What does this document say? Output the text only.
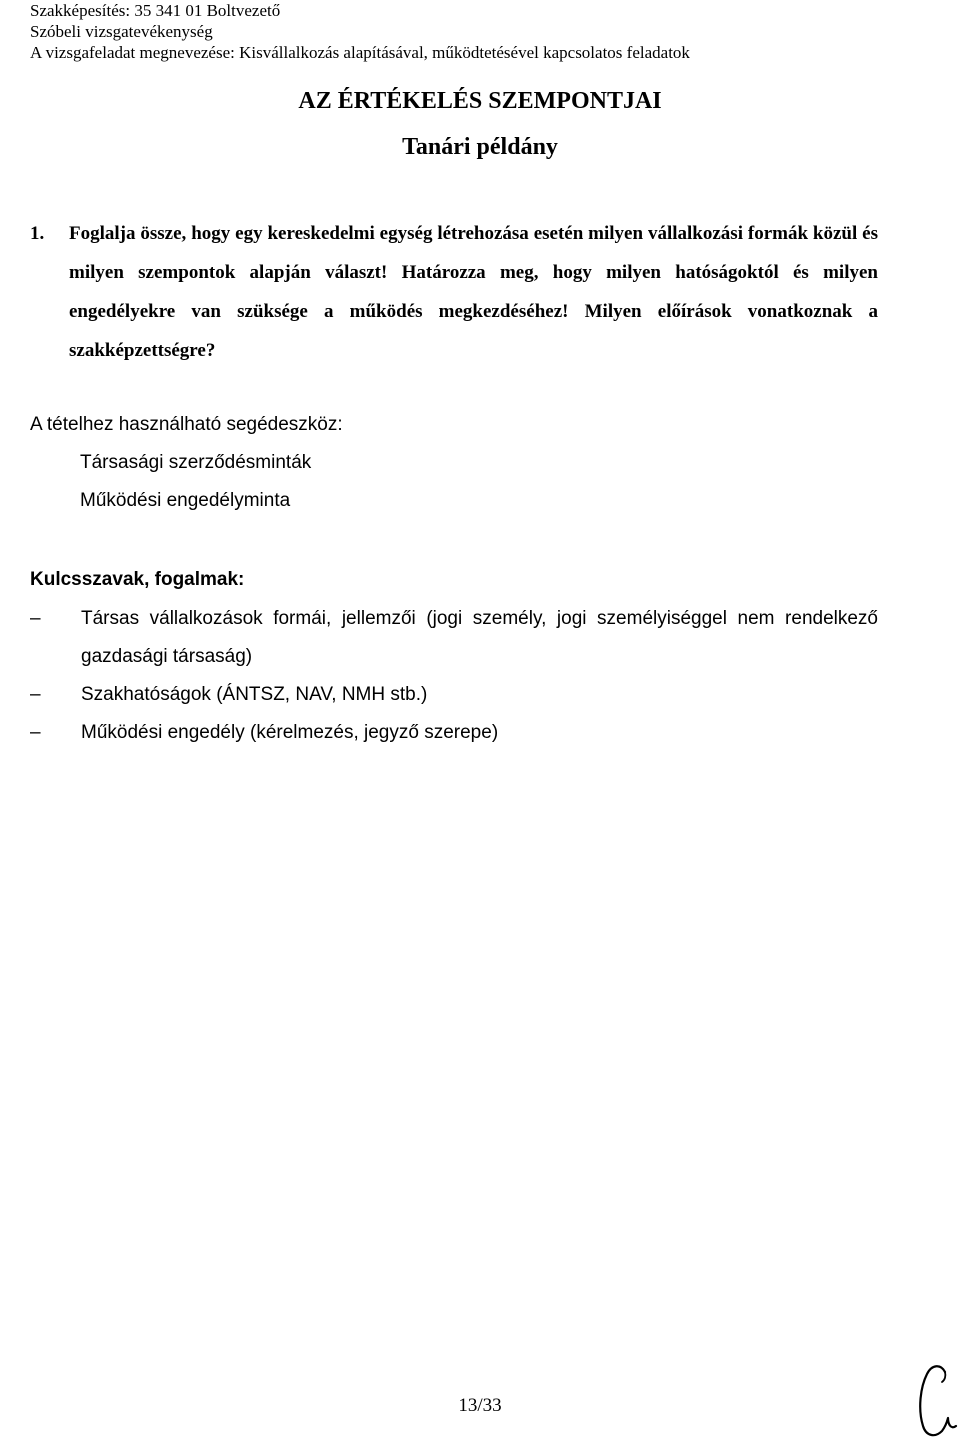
Szakképesítés: 35 341 01 Boltvezető
Szóbeli vizsgatevékenység
A vizsgafeladat megnevezése: Kisvállalkozás alapításával, működtetésével kapcsolatos feladatok
AZ ÉRTÉKELÉS SZEMPONTJAI
Tanári példány
1. Foglalja össze, hogy egy kereskedelmi egység létrehozása esetén milyen vállalkozási formák közül és milyen szempontok alapján választ! Határozza meg, hogy milyen hatóságoktól és milyen engedélyekre van szüksége a működés megkezdéséhez! Milyen előírások vonatkoznak a szakképzettségre?
A tételhez használható segédeszköz:
Társasági szerződésminták
Működési engedélyminta
Kulcsszavak, fogalmak:
– Társas vállalkozások formái, jellemzői (jogi személy, jogi személyiséggel nem rendelkező gazdasági társaság)
– Szakhatóságok (ÁNTSZ, NAV, NMH stb.)
– Működési engedély (kérelmezés, jegyző szerepe)
13/33
